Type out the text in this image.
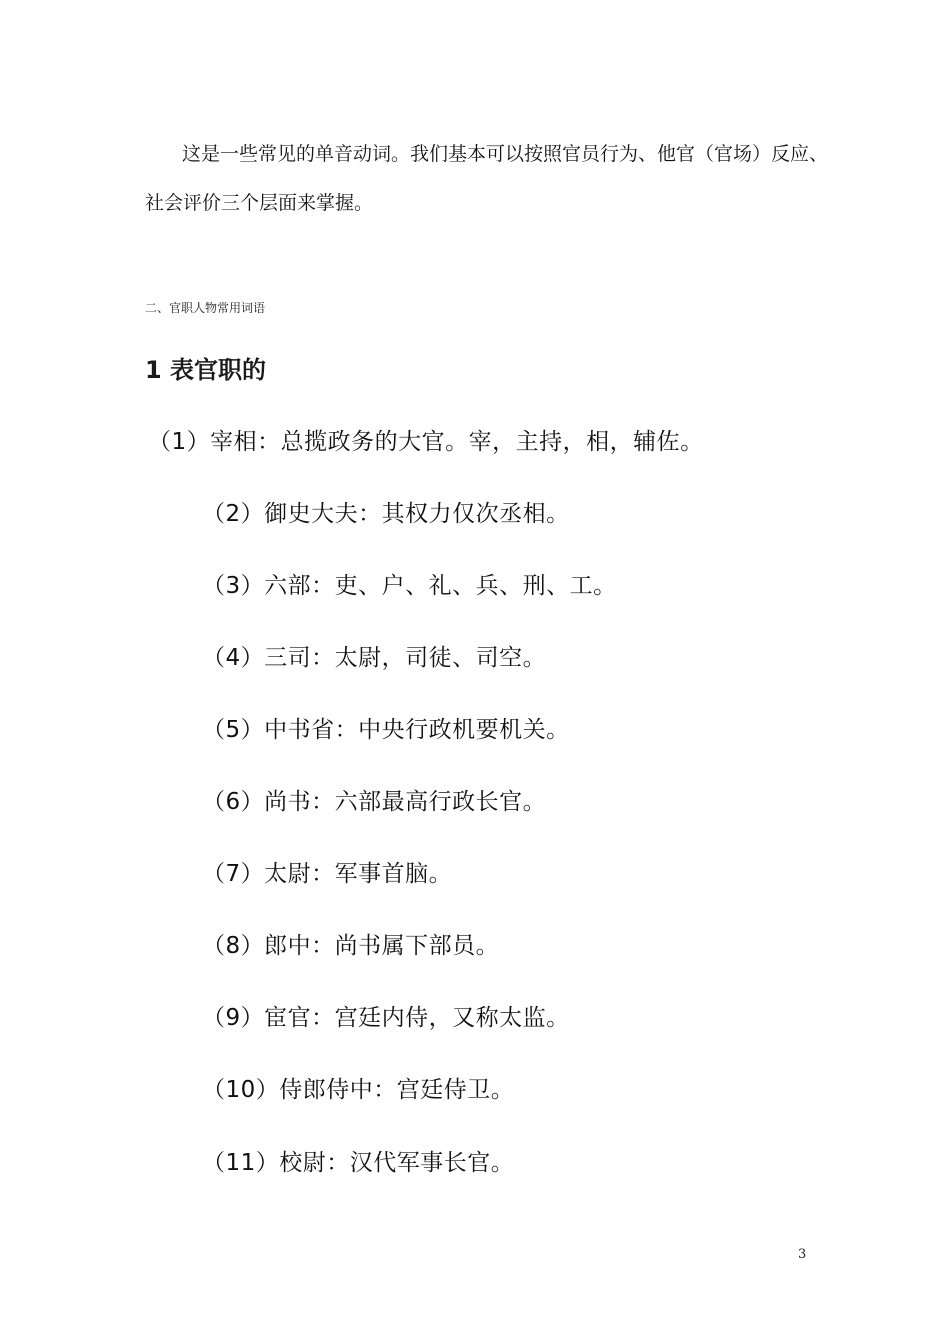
这是一些常见的单音动词。我们基本可以按照官员行为、他官（官场）反应、
社会评价三个层面来掌握。
二、官职人物常用词语
1 表官职的
（1）宰相：总揽政务的大官。宰，主持，相，辅佐。
（2）御史大夫：其权力仅次丞相。
（3）六部：吏、户、礼、兵、刑、工。
（4）三司：太尉，司徒、司空。
（5）中书省：中央行政机要机关。
（6）尚书：六部最高行政长官。
（7）太尉：军事首脑。
（8）郎中：尚书属下部员。
（9）宦官：宫廷内侍，又称太监。
（10）侍郎侍中：宫廷侍卫。
（11）校尉：汉代军事长官。
3
